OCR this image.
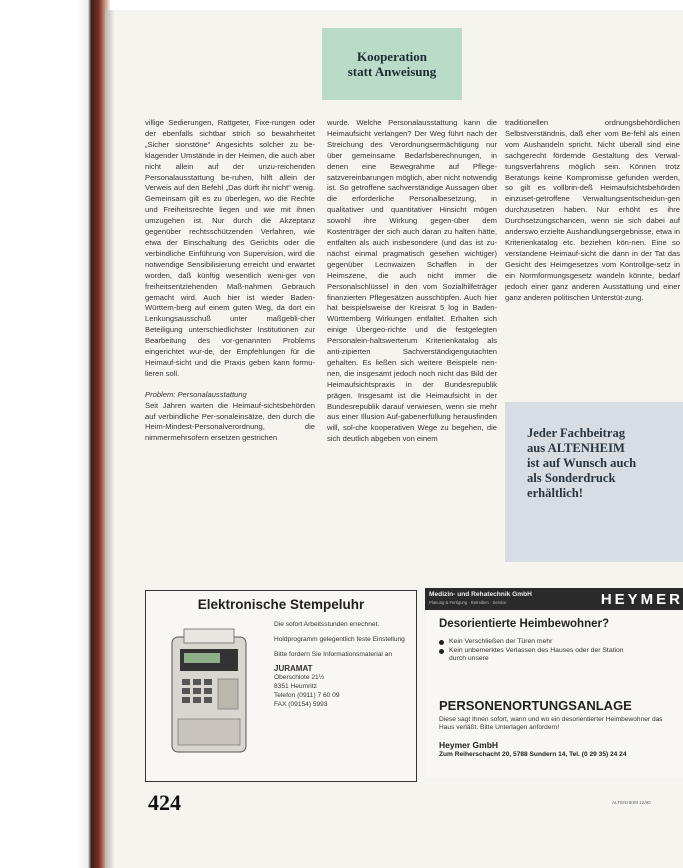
Kooperation
statt Anweisung

villige Sedierungen, Rattgeter, Fixe-rungen oder der ebenfalls sichtbar strich so bewahrheitet „Sicher sionstöne“ Angesichts solcher zu be-klagender Umstände in der Heimen, die auch aber nicht allein auf der unzu-reichenden Personalausstattung be-ruhen, hilft allein der Verweis auf den Befehl „Das dürft ihr nicht“ wenig. Gemeinsam gilt es zu überlegen, wo die Rechte und Freiheitsrechte liegen und wie mit ihnen umzugehen ist. Nur durch die Akzeptanz gegenüber rechtsschützenden Verfahren, wie etwa der Einschaltung des Gerichts oder die verbindliche Einführung von Supervision, wird die notwendige Sensibilisierung erreicht und erwartet worden, daß künftig wesentlich weni-ger von freiheitsentziehenden Maß-nahmen Gebrauch gemacht wird. Auch hier ist wieder Baden-Württem-berg auf einem guten Weg, da dort ein Lenkungsausschuß unter maßgebli-cher Beteiligung unterschiedlichster Institutionen zur Bearbeitung des vor-genannten Problems eingerichtet wur-de, der Empfehlungen für die Heimauf-sicht und die Praxis geben kann formu-lieren soll.

Problem: Personalausstattung

Seit Jahren warten die Heimauf-sichtsbehörden auf verbindliche Per-sonaleinsätze, den durch die Heim-Mindest-Personalverordnung, die nimmermehrsofern ersetzen gestrichen

wurde. Welche Personalausstattung kann die Heimaufsicht verlangen? Der Weg führt nach der Streichung des Verordnungsermächtigung nur über gemeinsame Bedarfsberechnungen, in denen eine Bewegrahme auf Pflege-satzvereinbarungen möglich, aber nicht notwendig ist. So getroffene sachverständige Aussagen über die erforderliche Personalbesetzung, in qualitativer und quantitativer Hinsicht mögen sowohl ihre Wirkung gegen-über dem Kostenträger der sich auch daran zu halten hätte, entfalten als auch insbesondere (und das ist zu-nächst einmal pragmatisch gesehen wichtiger) gegenüber Lecnwaizen Schaffen in der Heimszene, die auch nicht immer die Personalschlüssel in den vom Sozialhilfeträger finanzierten Pflegesätzen ausschöpfen. Auch hier hat beispielsweise der Kreisrat 5 log in Baden-Württemberg Wirkungen entfaltet. Erhalten sich einige Übergeo-richte und die festgelegten Personalein-haltswerterum Kriterienkatalog als anti-zipierten Sachverständigengutachten gehalten. Es ließen sich weitere Beispiele nen-nen, die insgesamt jedoch noch nicht das Bild der Heimaufsichtspraxis in der Bundesrepublik prägen. Insgesamt ist die Heimaufsicht in der Bundesrepublik darauf verwiesen, wenn sie mehr aus einer Illusion Auf-gabenerfüllung herausfinden will, sol-che kooperativen Wege zu begehen, die sich deutlich abgeben von einem

traditionellen ordnungsbehördlichen Selbstverständnis, daß eher vom Be-fehl als einen vom Aushandeln spricht. Nicht überall sind eine sachgerecht fördernde Gestaltung des Verwal-tungsverfahrens möglich sein. Können trotz Beratungs keine Kompromisse gefunden werden, so gilt es vollbrin-deß Heimaufsichtsbehörden einzuset-getroffene Verwaltungsentscheidun-gen durchzusetzen haben. Nur erhöht es ihre Durchsetzungschancen, wenn sie sich dabei auf anderswo erzielte Aushandlungsergebnisse, etwa in Kriterienkatalog etc. beziehen kön-nen. Eine so verstandene Heimauf-sicht die dann in der Tat das Gesicht des Heimgesetzes vom Kontrollge-setz in ein Normformungsgesetz wandeln könnte, bedarf jedoch einer ganz anderen Ausstattung und einer ganz anderen politischen Unterstüt-zung.

Jeder Fachbeitrag
aus ALTENHEIM
ist auf Wunsch auch
als Sonderdruck
erhältlich!
Elektronische Stempeluhr

Die sofort Arbeitsstunden errechnet.

Holdprogramm gelegentlich feste Einstellung

Bitte fordern Sie Informationsmaterial an

JURAMAT
Oberschlote 21½
8351 Heumritz
Telefon (0911) 7 60 09
FAX (09154) 5993
Medizin- und Rehatechnik GmbH
Planung & Fertigung · Betreiben · Service	HEYMER
Desorientierte Heimbewohner?
Kein Verschließen der Türen mehr
Kein unbemerktes Verlassen des Hauses oder der Station
durch unsere
PERSONENORTUNGSANLAGE
Diese sagt Ihnen sofort, wann und wo ein desorientierter Heimbewohner das Haus verläßt. Bitte Unterlagen anfordern!
Heymer GmbH
Zum Reiherschacht 20, 5788 Sundern 14, Tel. (0 29 35) 24 24
424	ALTENHEIM 12/90
